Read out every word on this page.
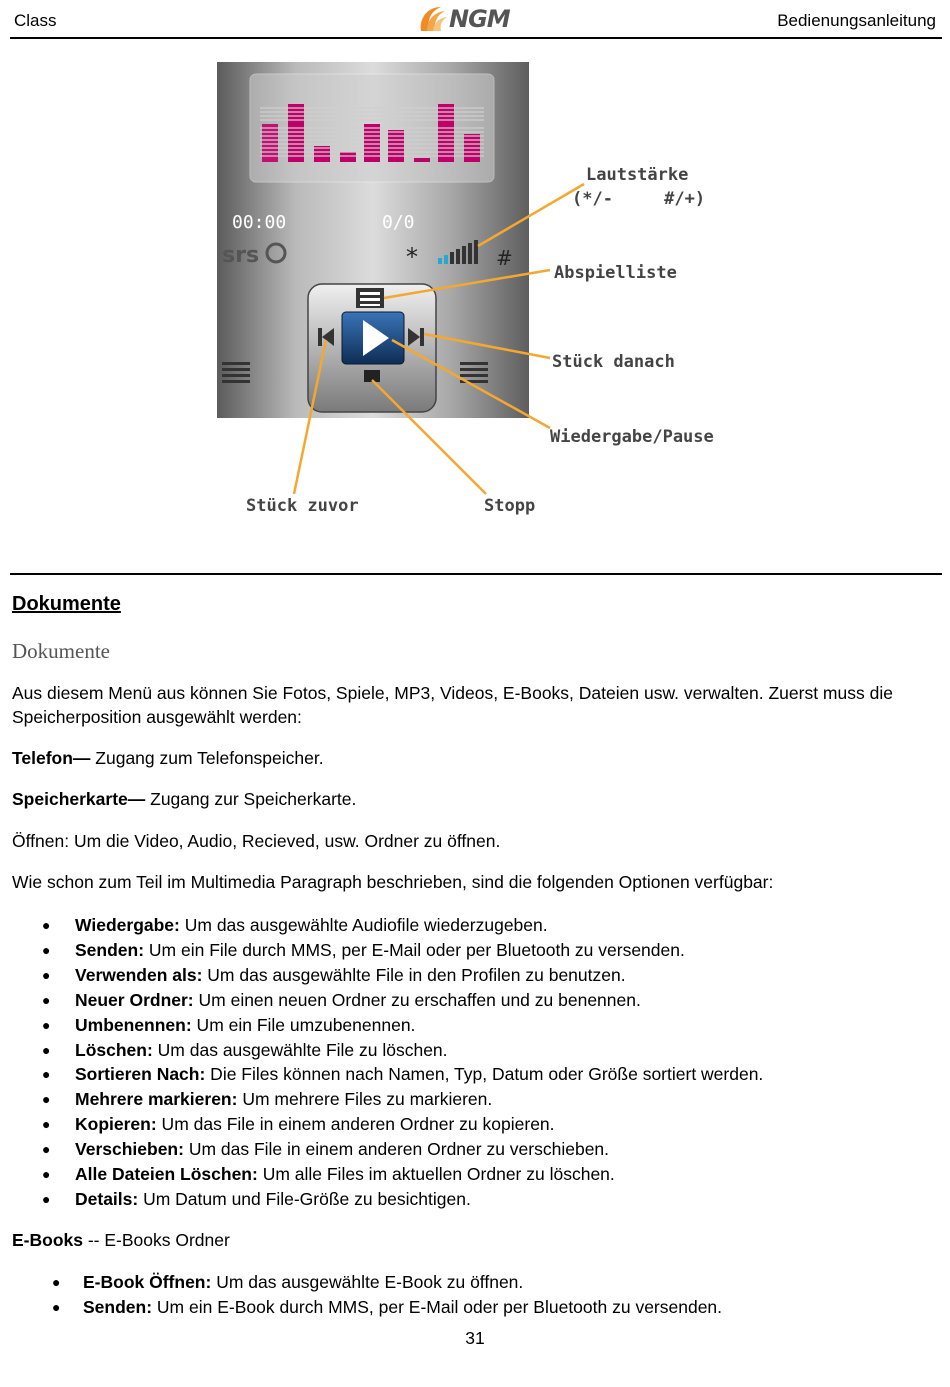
Class	NGM	Bedienungsanleitung
00:00	0/0
srs	*	#
Lautstärke
(*/-     #/+)
Abspielliste
Stück danach
Wiedergabe/Pause
Stück zuvor	Stopp
Dokumente
Dokumente
Aus diesem Menü aus können Sie Fotos, Spiele, MP3, Videos, E-Books, Dateien usw. verwalten. Zuerst muss die Speicherposition ausgewählt werden:
Telefon— Zugang zum Telefonspeicher.
Speicherkarte— Zugang zur Speicherkarte.
Öffnen: Um die Video, Audio, Recieved, usw. Ordner zu öffnen.
Wie schon zum Teil im Multimedia Paragraph beschrieben, sind die folgenden Optionen verfügbar:
● Wiedergabe: Um das ausgewählte Audiofile wiederzugeben.
● Senden: Um ein File durch MMS, per E-Mail oder per Bluetooth zu versenden.
● Verwenden als: Um das ausgewählte File in den Profilen zu benutzen.
● Neuer Ordner: Um einen neuen Ordner zu erschaffen und zu benennen.
● Umbenennen: Um ein File umzubenennen.
● Löschen: Um das ausgewählte File zu löschen.
● Sortieren Nach: Die Files können nach Namen, Typ, Datum oder Größe sortiert werden.
● Mehrere markieren: Um mehrere Files zu markieren.
● Kopieren: Um das File in einem anderen Ordner zu kopieren.
● Verschieben: Um das File in einem anderen Ordner zu verschieben.
● Alle Dateien Löschen: Um alle Files im aktuellen Ordner zu löschen.
● Details: Um Datum und File-Größe zu besichtigen.
E-Books -- E-Books Ordner
● E-Book Öffnen: Um das ausgewählte E-Book zu öffnen.
● Senden: Um ein E-Book durch MMS, per E-Mail oder per Bluetooth zu versenden.
31
